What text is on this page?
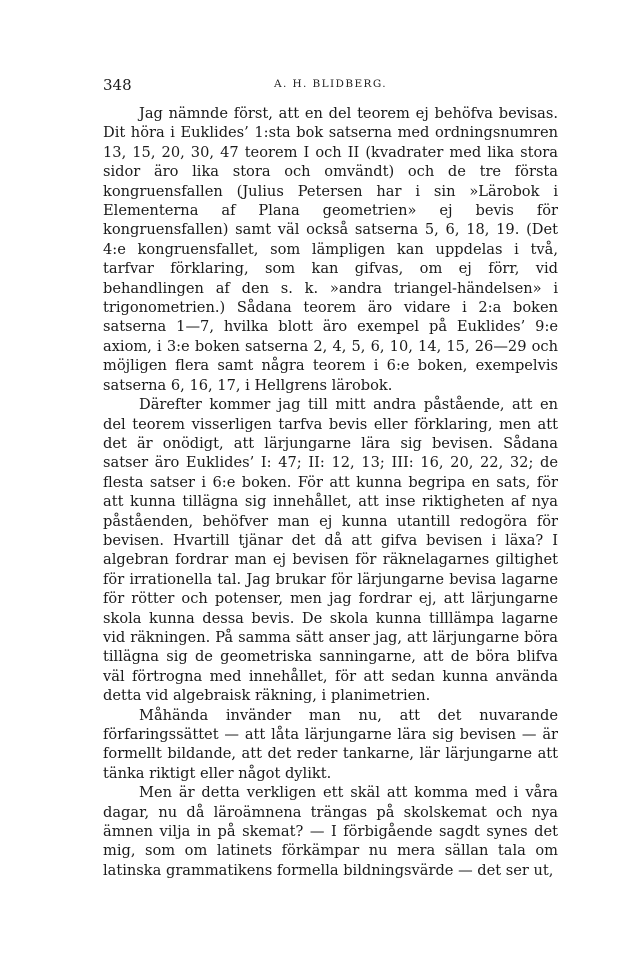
348	A. H. BLIDBERG.

Jag nämnde först, att en del teorem ej behöfva bevisas. Dit höra i Euklides’ 1:sta bok satserna med ordningsnumren 13, 15, 20, 30, 47 teorem I och II (kvadrater med lika stora sidor äro lika stora och omvändt) och de tre första kongruensfallen (Julius Petersen har i sin »Lärobok i Elementerna af Plana geometrien» ej bevis för kongruensfallen) samt väl också satserna 5, 6, 18, 19. (Det 4:e kongruensfallet, som lämpligen kan uppdelas i två, tarfvar förklaring, som kan gifvas, om ej förr, vid behandlingen af den s. k. »andra triangel-händelsen» i trigonometrien.) Sådana teorem äro vidare i 2:a boken satserna 1—7, hvilka blott äro exempel på Euklides’ 9:e axiom, i 3:e boken satserna 2, 4, 5, 6, 10, 14, 15, 26—29 och möjligen flera samt några teorem i 6:e boken, exempelvis satserna 6, 16, 17, i Hellgrens lärobok.

Därefter kommer jag till mitt andra påstående, att en del teorem visserligen tarfva bevis eller förklaring, men att det är onödigt, att lärjungarne lära sig bevisen. Sådana satser äro Euklides’ I: 47; II: 12, 13; III: 16, 20, 22, 32; de flesta satser i 6:e boken. För att kunna begripa en sats, för att kunna tillägna sig innehållet, att inse riktigheten af nya påståenden, behöfver man ej kunna utantill redogöra för bevisen. Hvartill tjänar det då att gifva bevisen i läxa? I algebran fordrar man ej bevisen för räknelagarnes giltighet för irrationella tal. Jag brukar för lärjungarne bevisa lagarne för rötter och potenser, men jag fordrar ej, att lärjungarne skola kunna dessa bevis. De skola kunna tilllämpa lagarne vid räkningen. På samma sätt anser jag, att lärjungarne böra tillägna sig de geometriska sanningarne, att de böra blifva väl förtrogna med innehållet, för att sedan kunna använda detta vid algebraisk räkning, i planimetrien.

Måhända invänder man nu, att det nuvarande förfaringssättet — att låta lärjungarne lära sig bevisen — är formellt bildande, att det reder tankarne, lär lärjungarne att tänka riktigt eller något dylikt.

Men är detta verkligen ett skäl att komma med i våra dagar, nu då läroämnena trängas på skolskemat och nya ämnen vilja in på skemat? — I förbigående sagdt synes det mig, som om latinets förkämpar nu mera sällan tala om latinska grammatikens formella bildningsvärde — det ser ut,
